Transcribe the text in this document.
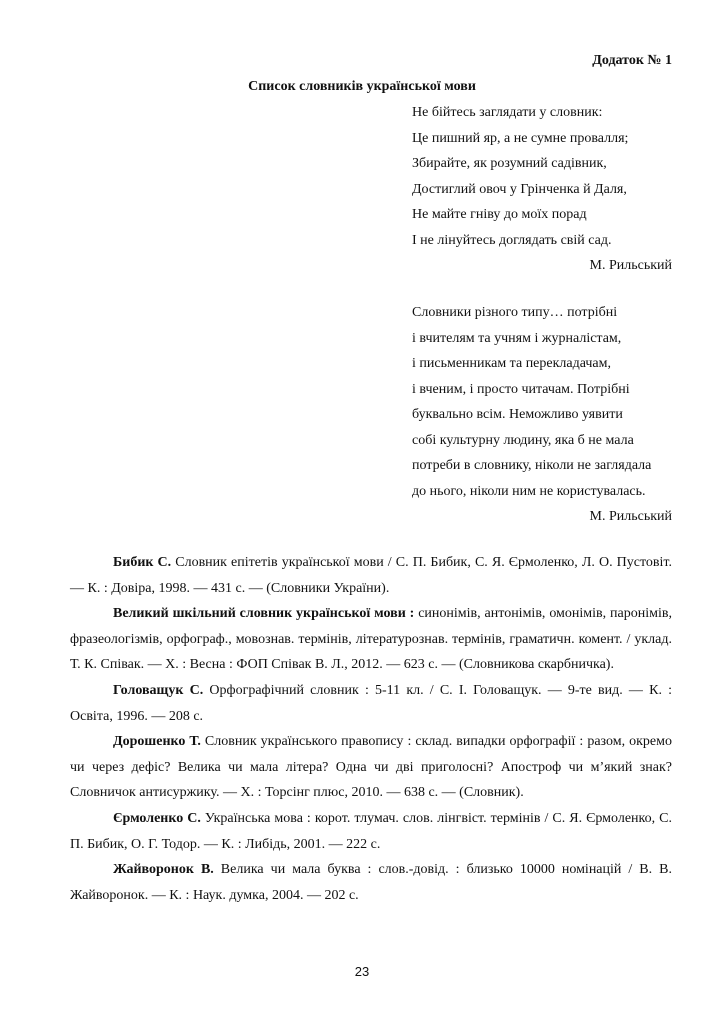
Додаток № 1
Список словників української мови
Не бійтесь заглядати у словник:
Це пишний яр, а не сумне провалля;
Збирайте, як розумний садівник,
Достиглий овоч у Грінченка й Даля,
Не майте гніву до моїх порад
І не лінуйтесь доглядать свій сад.
М. Рильський
Словники різного типу… потрібні
і вчителям та учням і журналістам,
і письменникам та перекладачам,
і вченим, і просто читачам. Потрібні
буквально всім. Неможливо уявити
собі культурну людину, яка б не мала
потреби в словнику, ніколи не заглядала
до нього, ніколи ним не користувалась.
М. Рильський

Бибик С. Словник епітетів української мови / С. П. Бибик, С. Я. Єрмоленко, Л. О. Пустовіт. — К. : Довіра, 1998. — 431 с. — (Словники України).

Великий шкільний словник української мови : синонімів, антонімів, омонімів, паронімів, фразеологізмів, орфограф., мовознав. термінів, літературознав. термінів, граматичн. комент. / уклад. Т. К. Співак. — Х. : Весна : ФОП Співак В. Л., 2012. — 623 с. — (Словникова скарбничка).

Головащук С. Орфографічний словник : 5-11 кл. / С. І. Головащук. — 9-те вид. — К. : Освіта, 1996. — 208 с.

Дорошенко Т. Словник українського правопису : склад. випадки орфографії : разом, окремо чи через дефіс? Велика чи мала літера? Одна чи дві приголосні? Апостроф чи м’який знак? Словничок антисуржику. — Х. : Торсінг плюс, 2010. — 638 с. — (Словник).

Єрмоленко С. Українська мова : корот. тлумач. слов. лінгвіст. термінів / С. Я. Єрмоленко, С. П. Бибик, О. Г. Тодор. — К. : Либідь, 2001. — 222 с.

Жайворонок В. Велика чи мала буква : слов.-довід. : близько 10000 номінацій / В. В. Жайворонок. — К. : Наук. думка, 2004. — 202 с.

23
